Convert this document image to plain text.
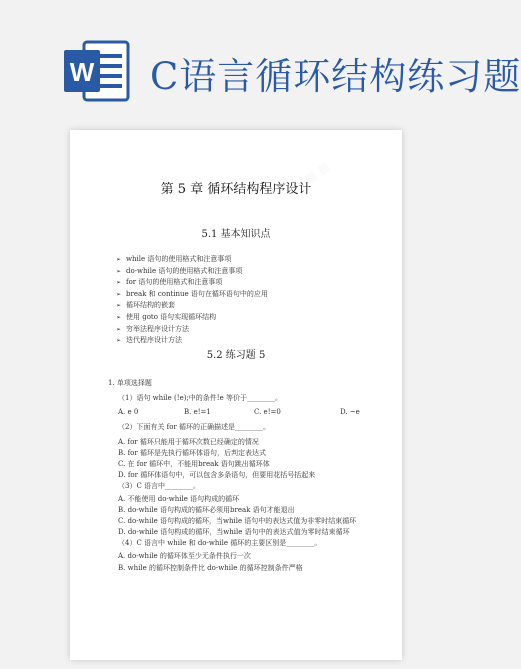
W C语言循环结构练习题
▦ ▦ ▦
第 5 章 循环结构程序设计
5.1 基本知识点
➢ while 语句的使用格式和注意事项
➢ do-while 语句的使用格式和注意事项
➢ for 语句的使用格式和注意事项
➢ break 和 continue 语句在循环语句中的应用
➢ 循环结构的嵌套
➢ 使用 goto 语句实现循环结构
➢ 穷举法程序设计方法
➢ 迭代程序设计方法
5.2 练习题 5
1. 单项选择题
（1）语句 while (!e);中的条件!e 等价于________。
A. e 0	B. e!=1	C. e!=0	D. ~e
（2）下面有关 for 循环的正确描述是________。
A. for 循环只能用于循环次数已经确定的情况
B. for 循环是先执行循环体语句，后判定表达式
C. 在 for 循环中，不能用break 语句跳出循环体
D. for 循环体语句中，可以包含多条语句，但要用花括号括起来
（3）C 语言中________。
A. 不能使用 do-while 语句构成的循环
B. do-while 语句构成的循环必须用break 语句才能退出
C. do-while 语句构成的循环，当while 语句中的表达式值为非零时结束循环
D. do-while 语句构成的循环，当while 语句中的表达式值为零时结束循环
（4）C 语言中 while 和 do-while 循环的主要区别是________。
A. do-while 的循环体至少无条件执行一次
B. while 的循环控制条件比 do-while 的循环控制条件严格
